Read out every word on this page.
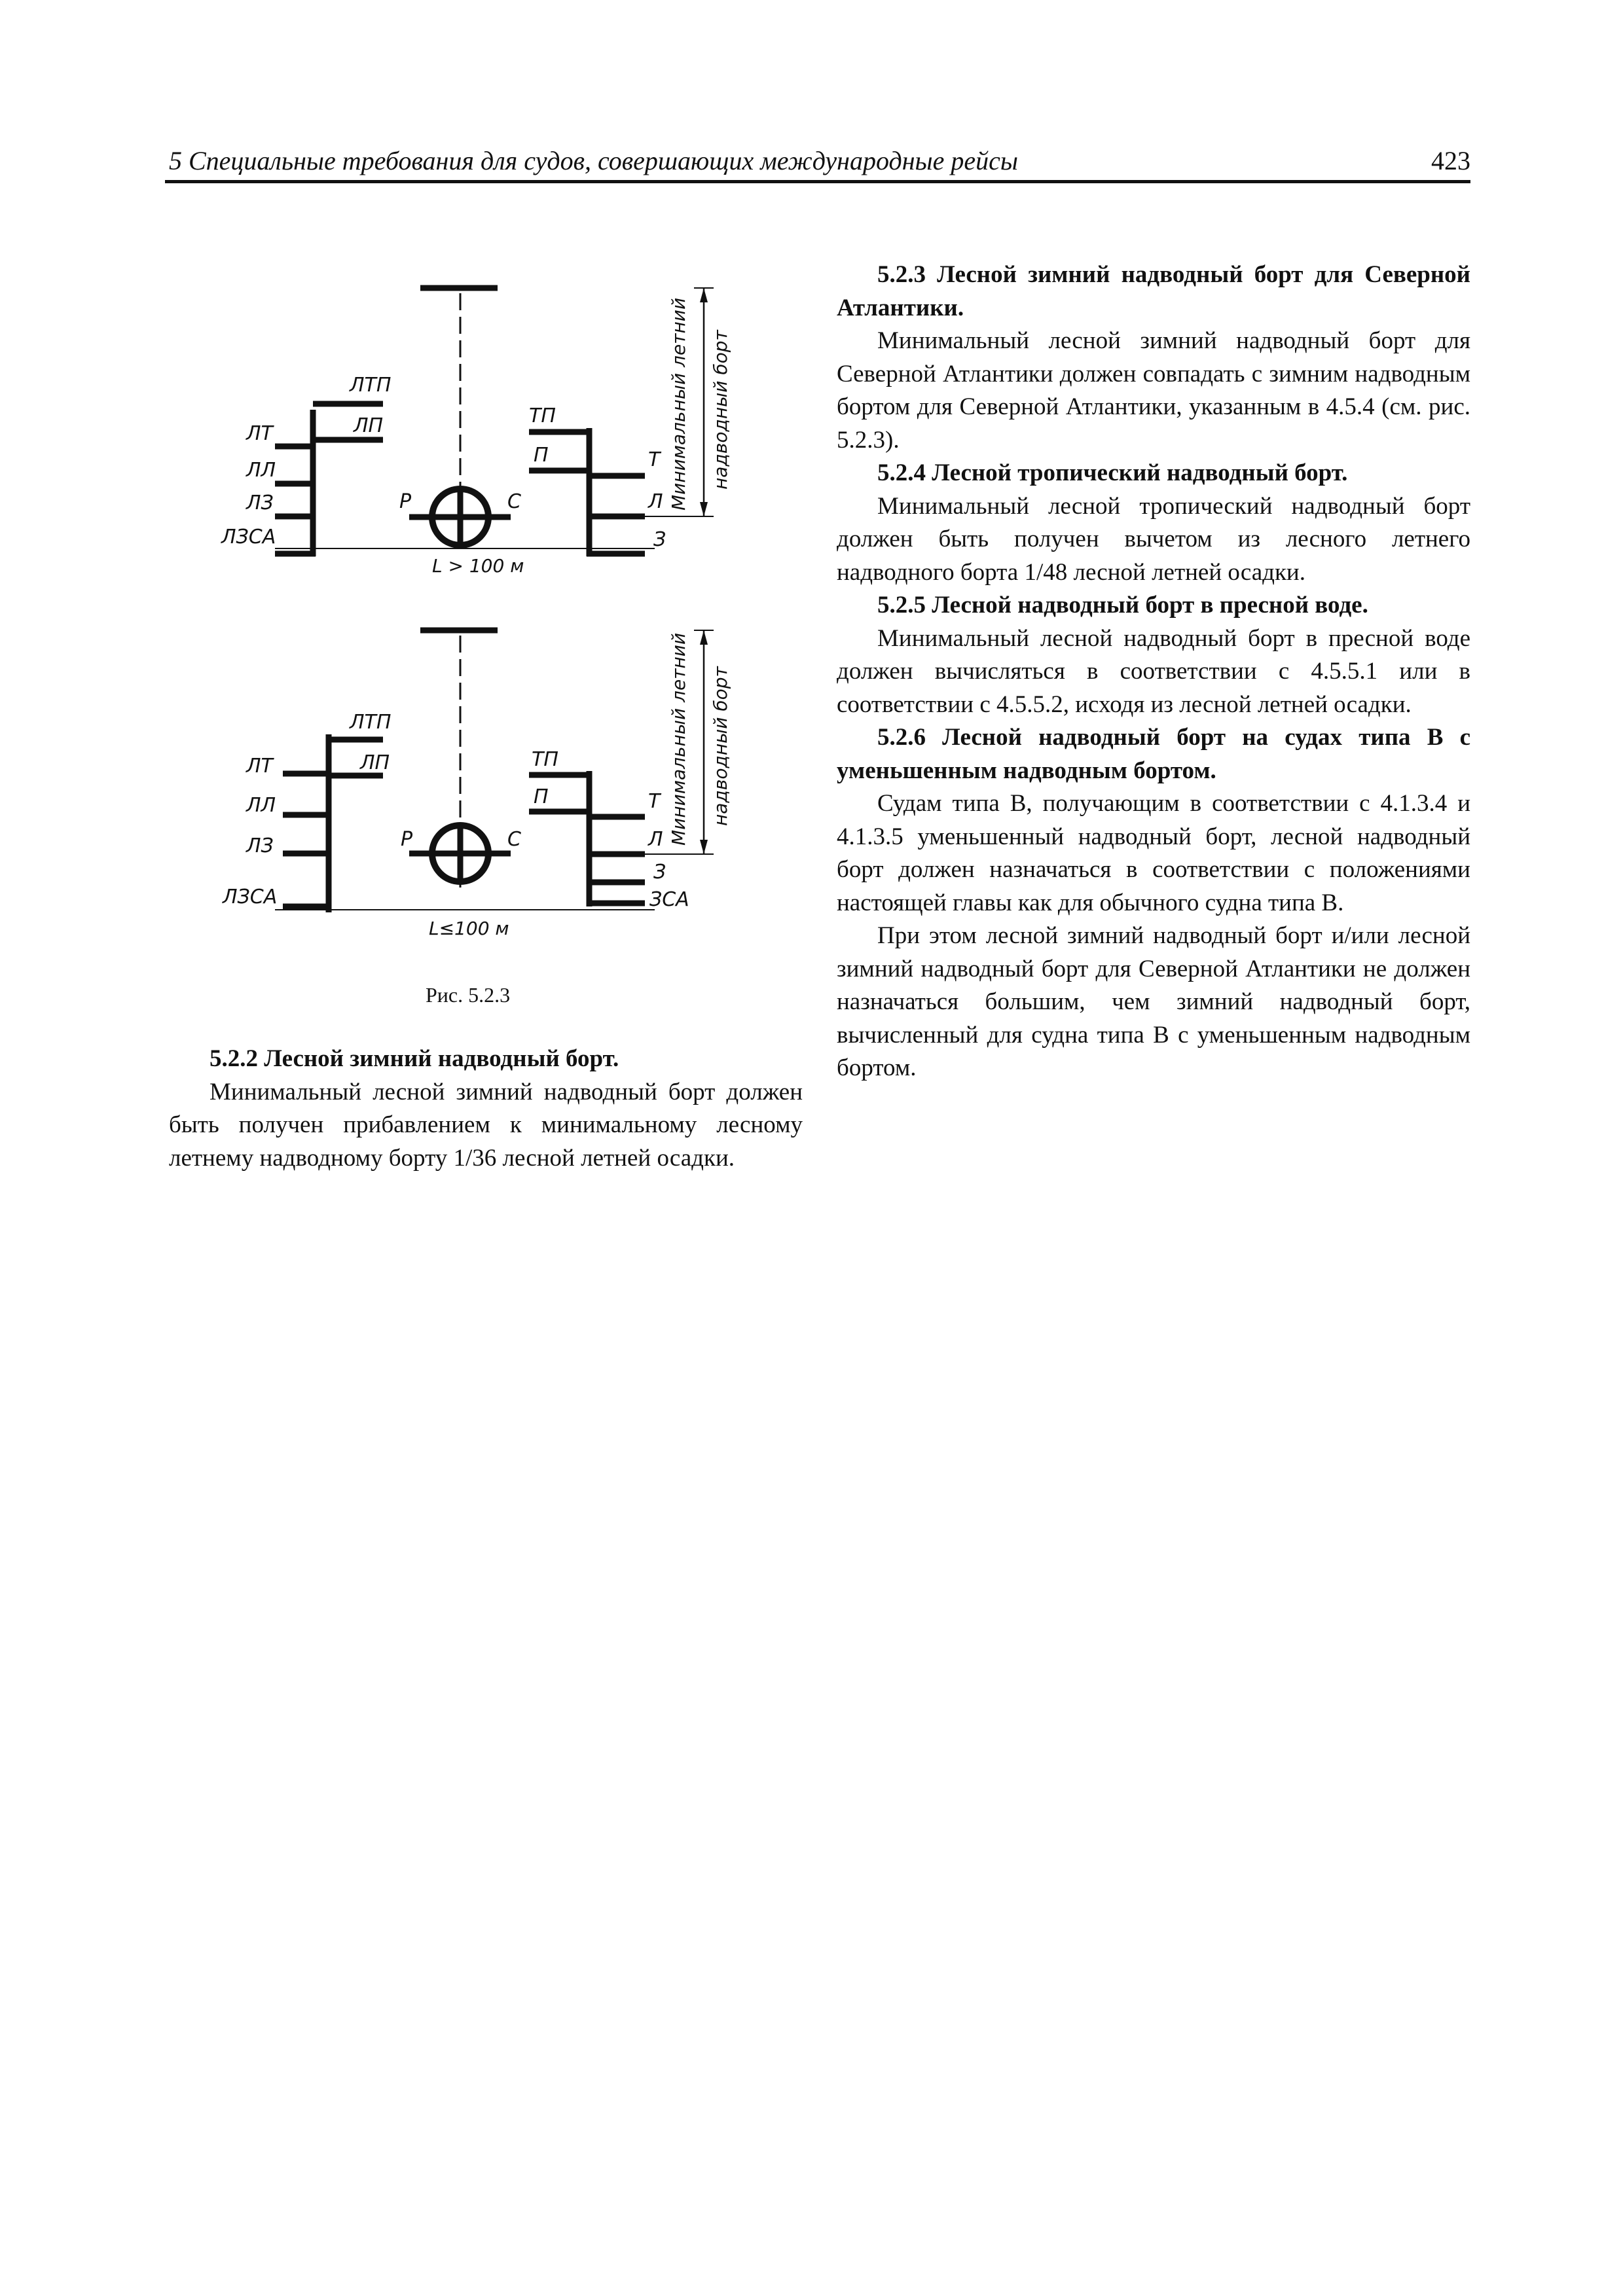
5 Специальные требования для судов, совершающих международные рейсы	423
ЛТ
ЛЛ
ЛЗ
ЛЗСА
ЛТП
ЛП	ТП
П	Т
Л
З
Р	С
L > 100 м
Минимальный летний надводный борт
ЛТ
ЛЛ
ЛЗ
ЛЗСА
ЛТП
ЛП	ТП
П	Т
Л
З
ЗСА
Р	С
L≤100 м
Минимальный летний надводный борт
Рис. 5.2.3

5.2.2 Лесной зимний надводный борт.

Минимальный лесной зимний надводный борт должен быть получен прибавлением к минимальному лесному летнему надводному борту 1/36 лесной летней осадки.

5.2.3 Лесной зимний надводный борт для Северной Атлантики.

Минимальный лесной зимний надводный борт для Северной Атлантики должен совпадать с зимним надводным бортом для Северной Атлантики, указанным в 4.5.4 (см. рис. 5.2.3).

5.2.4 Лесной тропический надводный борт.

Минимальный лесной тропический надводный борт должен быть получен вычетом из лесного летнего надводного борта 1/48 лесной летней осадки.

5.2.5 Лесной надводный борт в пресной воде.

Минимальный лесной надводный борт в пресной воде должен вычисляться в соответствии с 4.5.5.1 или в соответствии с 4.5.5.2, исходя из лесной летней осадки.

5.2.6 Лесной надводный борт на судах типа В с уменьшенным надводным бортом.

Судам типа В, получающим в соответствии с 4.1.3.4 и 4.1.3.5 уменьшенный надводный борт, лесной надводный борт должен назначаться в соответствии с положениями настоящей главы как для обычного судна типа В.

При этом лесной зимний надводный борт и/или лесной зимний надводный борт для Северной Атлантики не должен назначаться большим, чем зимний надводный борт, вычисленный для судна типа В с уменьшенным надводным бортом.
